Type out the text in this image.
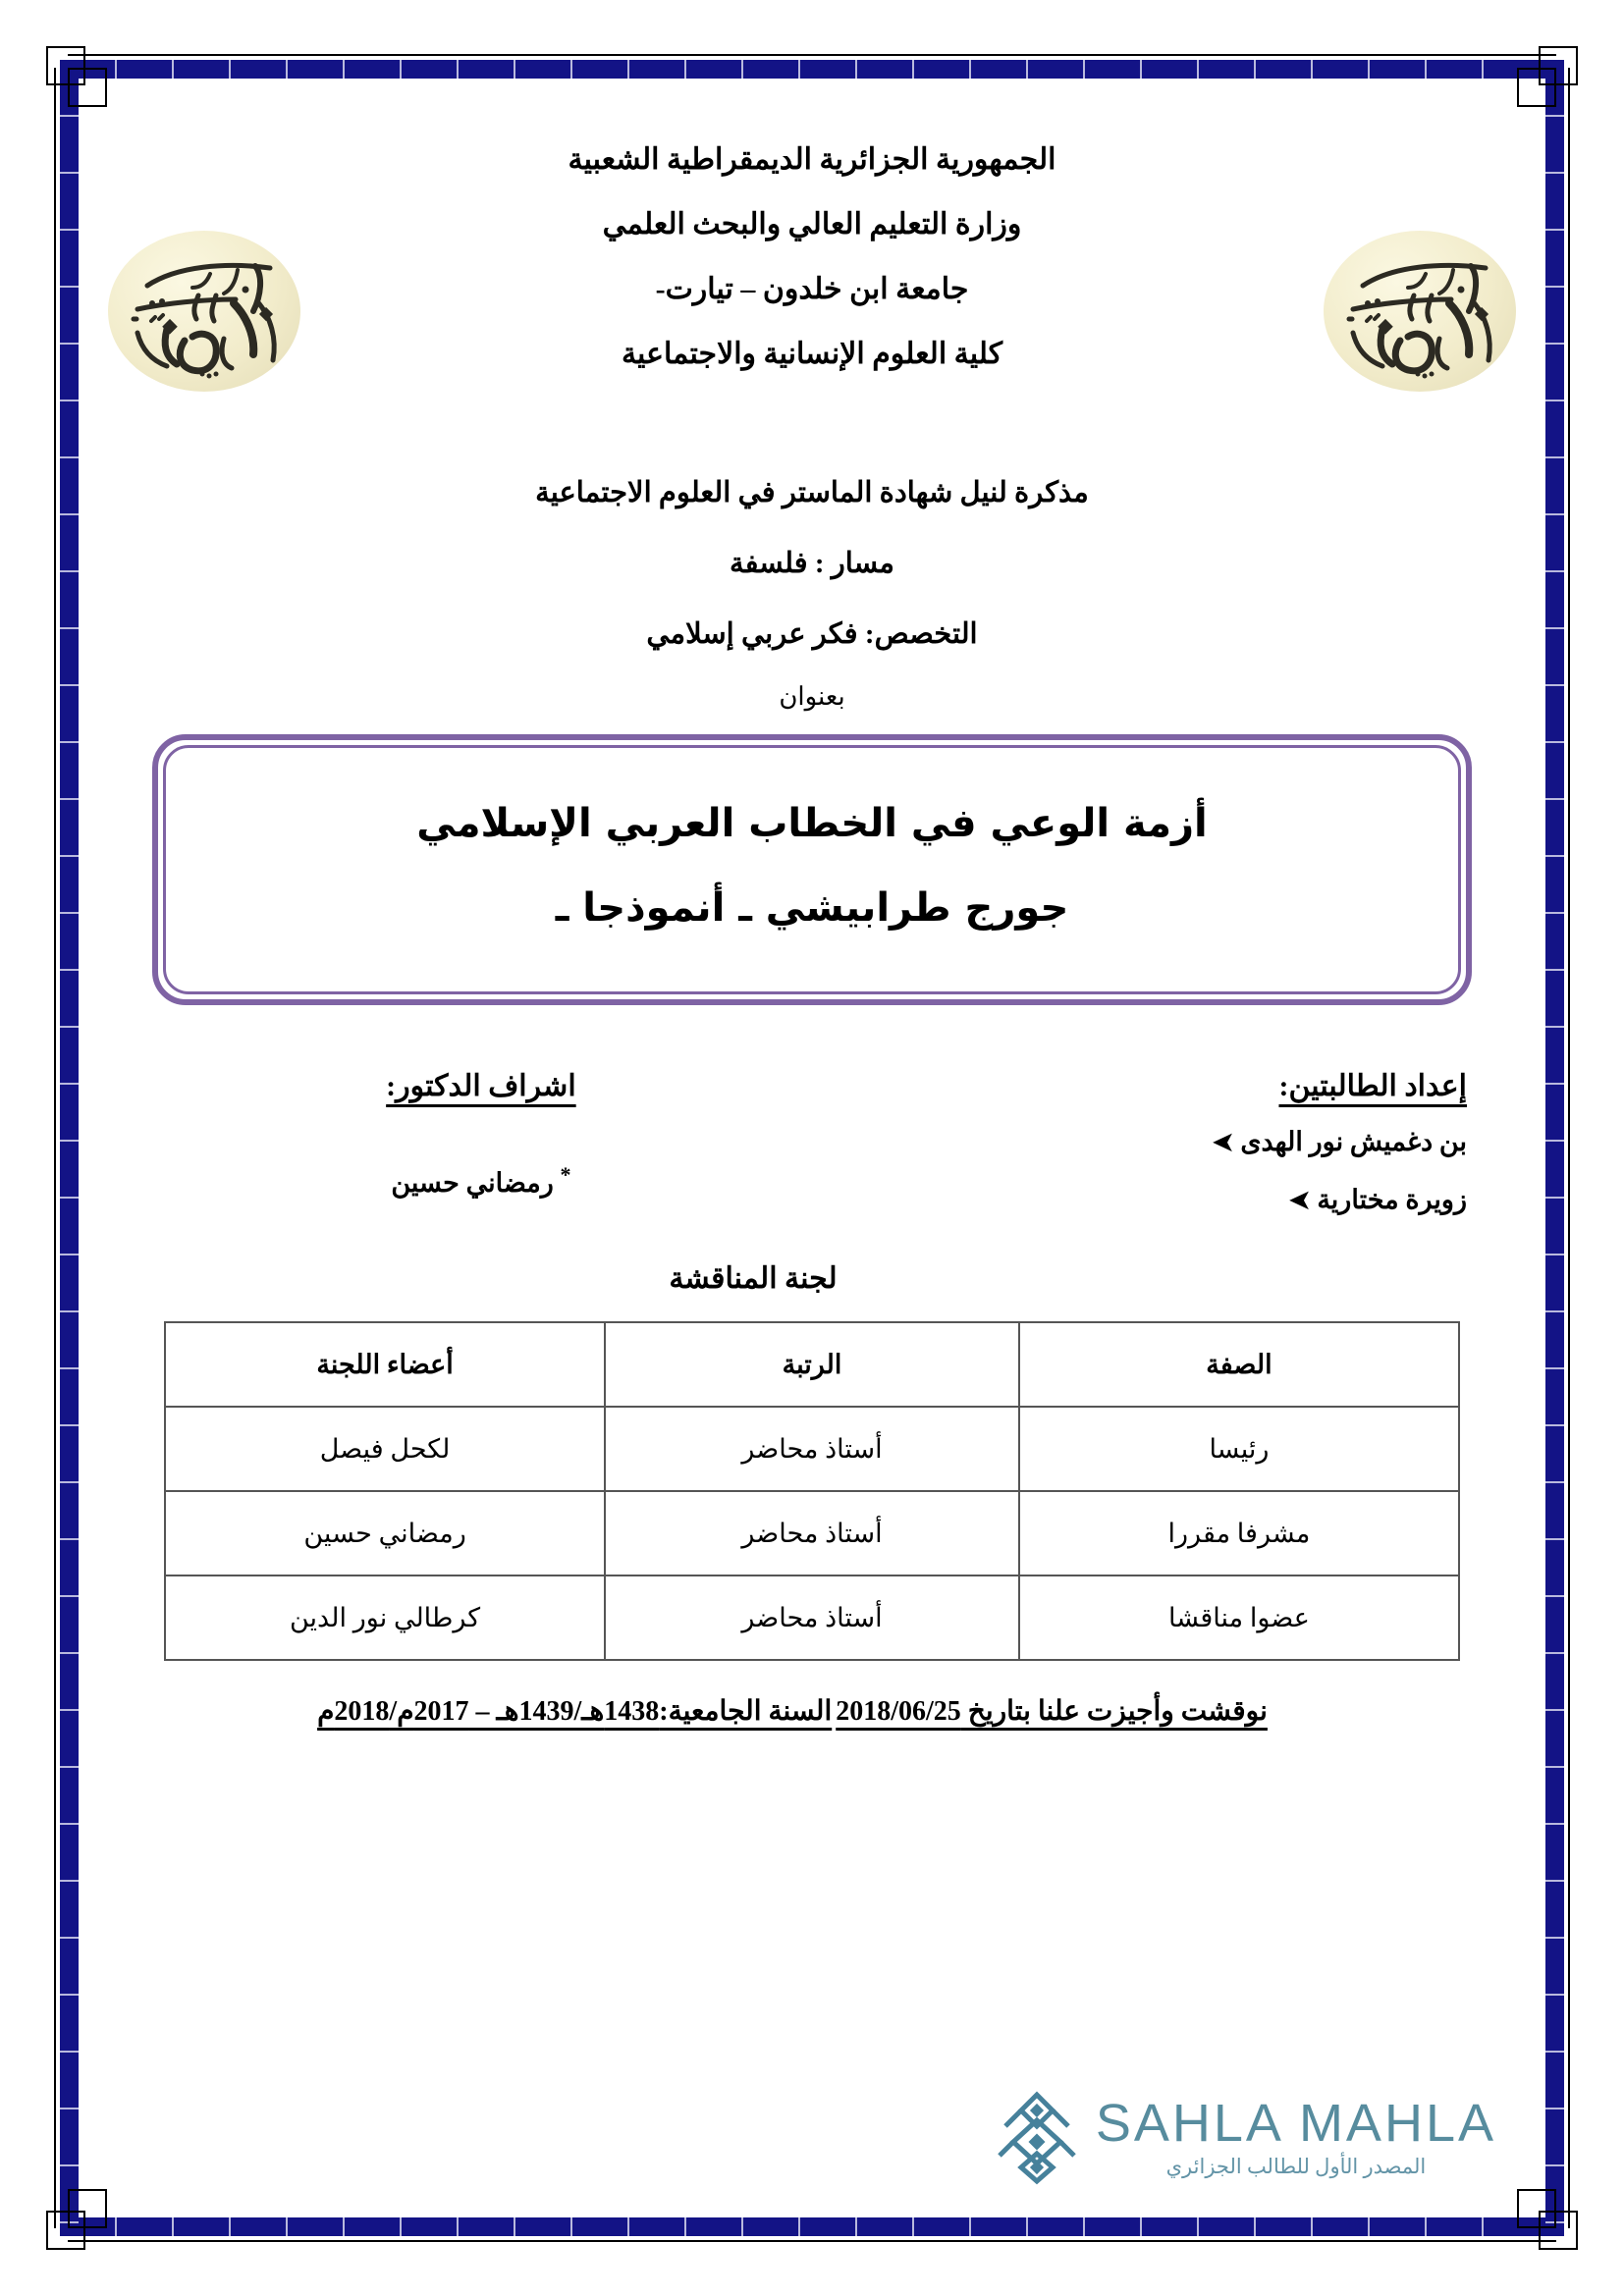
الجمهورية الجزائرية الديمقراطية الشعبية
وزارة التعليم العالي والبحث العلمي
جامعة ابن خلدون – تيارت-
كلية العلوم الإنسانية والاجتماعية
مذكرة لنيل شهادة الماستر في العلوم الاجتماعية
مسار : فلسفة
التخصص: فكر عربي إسلامي
بعنوان
أزمة الوعي في الخطاب العربي الإسلامي
جورج طرابيشي ـ أنموذجا ـ
إعداد الطالبتين:
بن دغميش نور الهدى ➤
زويرة مختارية ➤
اشراف الدكتور:
* رمضاني حسين
لجنة المناقشة
الصفة	الرتبة	أعضاء اللجنة
رئيسا	أستاذ محاضر	لكحل فيصل
مشرفا مقررا	أستاذ محاضر	رمضاني حسين
عضوا مناقشا	أستاذ محاضر	كرطالي نور الدين
نوقشت وأجيزت علنا بتاريخ 2018/06/25 السنة الجامعية:1438هـ/1439هـ – 2017م/2018م
SAHLA MAHLA
المصدر الأول للطالب الجزائري
